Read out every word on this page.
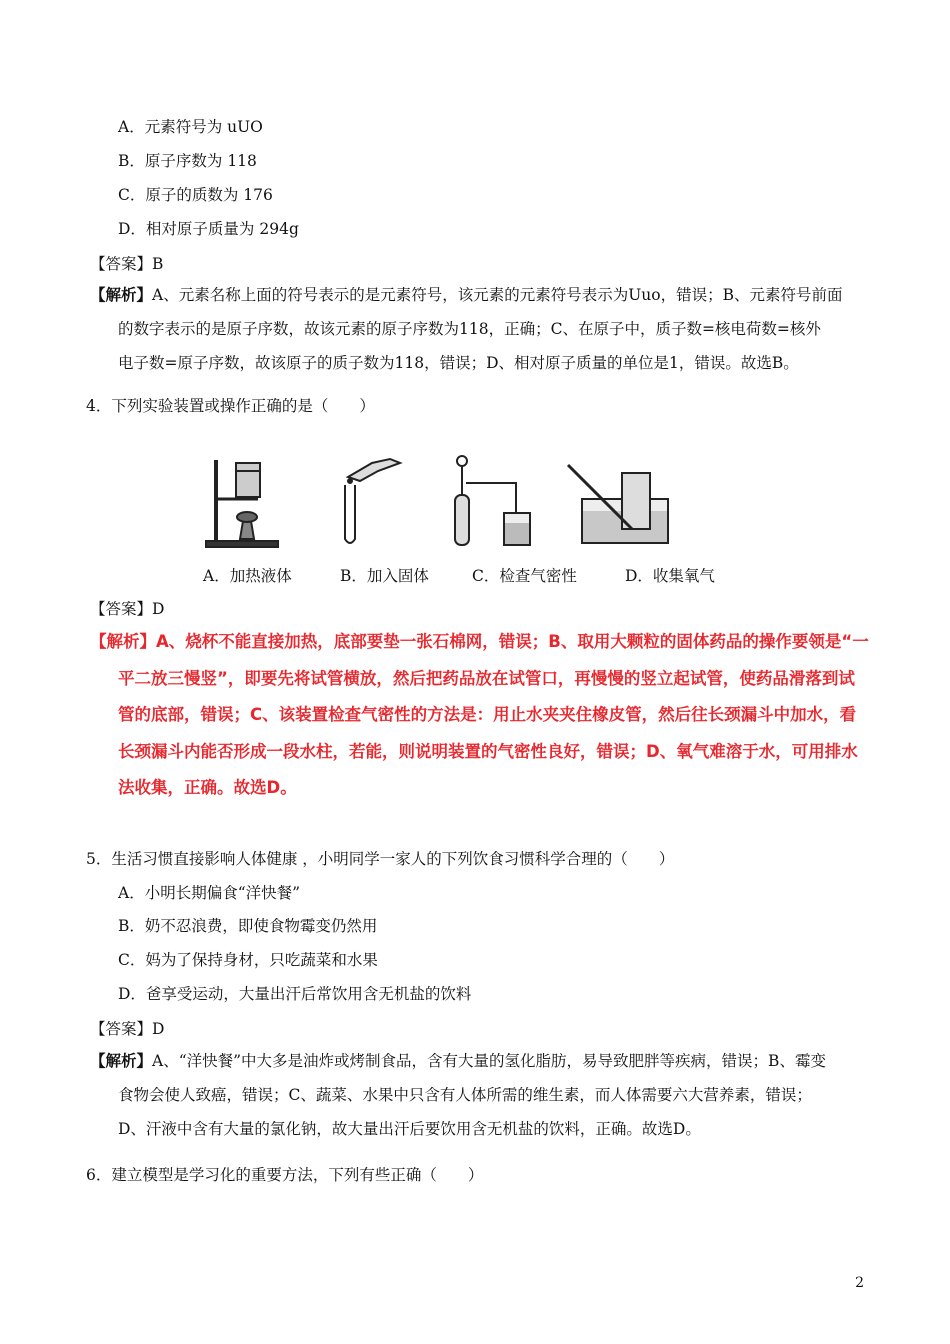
A．元素符号为 uUO
B．原子序数为 118
C．原子的质数为 176
D．相对原子质量为 294g
【答案】B
【解析】A、元素名称上面的符号表示的是元素符号，该元素的元素符号表示为Uuo，错误；B、元素符号前面
的数字表示的是原子序数，故该元素的原子序数为118，正确；C、在原子中，质子数=核电荷数=核外
电子数=原子序数，故该原子的质子数为118，错误；D、相对原子质量的单位是1，错误。故选B。
4．下列实验装置或操作正确的是（　　）
A．加热液体	B．加入固体	C．检查气密性	D．收集氧气
【答案】D
【解析】A、烧杯不能直接加热，底部要垫一张石棉网，错误；B、取用大颗粒的固体药品的操作要领是“一
平二放三慢竖”，即要先将试管横放，然后把药品放在试管口，再慢慢的竖立起试管，使药品滑落到试
管的底部，错误；C、该装置检查气密性的方法是：用止水夹夹住橡皮管，然后往长颈漏斗中加水，看
长颈漏斗内能否形成一段水柱，若能，则说明装置的气密性良好，错误；D、氧气难溶于水，可用排水
法收集，正确。故选D。
5．生活习惯直接影响人体健康 ，小明同学一家人的下列饮食习惯科学合理的（　　）
A．小明长期偏食“洋快餐”
B．奶不忍浪费，即使食物霉变仍然用
C．妈为了保持身材，只吃蔬菜和水果
D．爸享受运动，大量出汗后常饮用含无机盐的饮料
【答案】D
【解析】A、“洋快餐”中大多是油炸或烤制食品，含有大量的氢化脂肪，易导致肥胖等疾病，错误；B、霉变
食物会使人致癌，错误；C、蔬菜、水果中只含有人体所需的维生素，而人体需要六大营养素，错误；
D、汗液中含有大量的氯化钠，故大量出汗后要饮用含无机盐的饮料，正确。故选D。
6．建立模型是学习化的重要方法，下列有些正确（　　）
2
